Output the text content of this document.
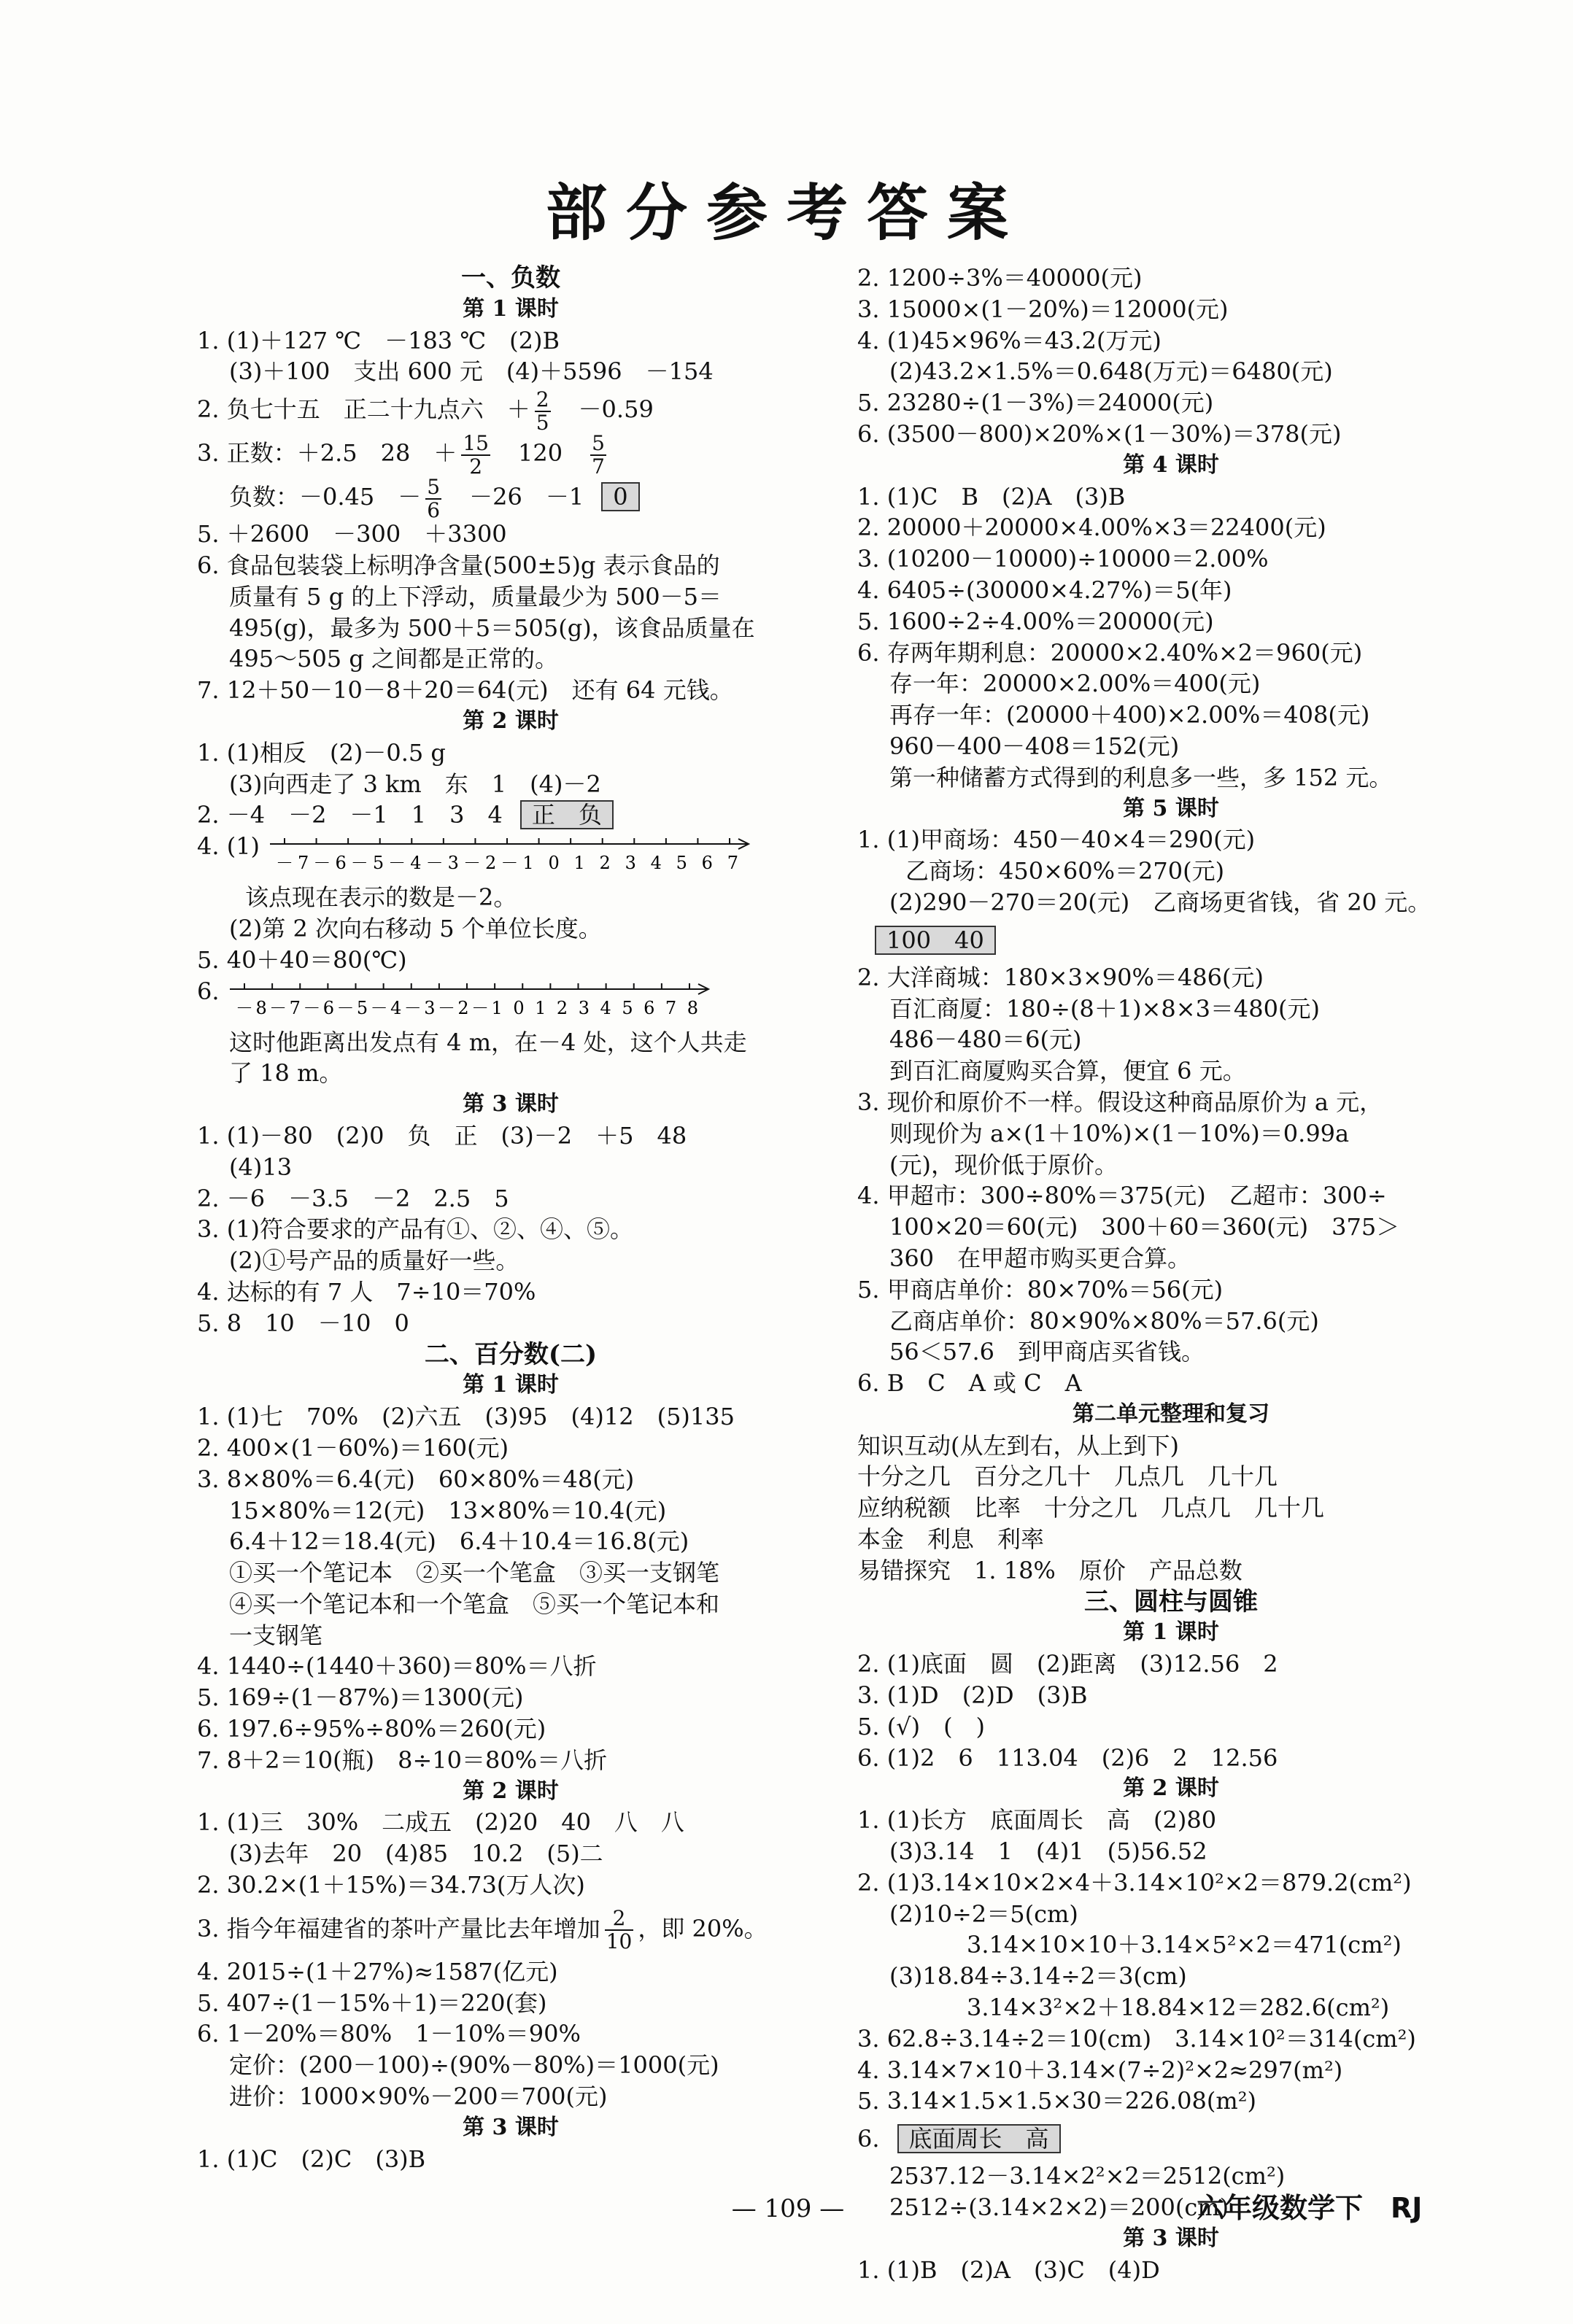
部分参考答案
一、负数
第 1 课时
1. (1)＋127 ℃　－183 ℃　(2)B
(3)＋100　支出 600 元　(4)＋5596　－154
2. 负七十五　正二十九点六　＋ $\frac{2}{5}$ 　－0.59
3. 正数：＋2.5　28　＋ $\frac{15}{2}$ 　120　 $\frac{5}{7}$
负数：－0.45　－ $\frac{5}{6}$ 　－26　－1 0
5. ＋2600　－300　＋3300
6. 食品包装袋上标明净含量(500±5)g 表示食品的
质量有 5 g 的上下浮动，质量最少为 500－5＝
495(g)，最多为 500＋5＝505(g)，该食品质量在
495～505 g 之间都是正常的。
7. 12＋50－10－8＋20＝64(元)　还有 64 元钱。
第 2 课时
1. (1)相反　(2)－0.5 g
(3)向西走了 3 km　东　1　(4)－2
2. －4　－2　－1　1　3　4 正　负
4. (1)
－7－6－5－4－3－2－1 0 1 2 3 4 5 6 7
该点现在表示的数是－2。
(2)第 2 次向右移动 5 个单位长度。
5. 40＋40＝80(℃)
6.
－8－7－6－5－4－3－2－1 0 1 2 3 4 5 6 7 8
这时他距离出发点有 4 m，在－4 处，这个人共走
了 18 m。
第 3 课时
1. (1)－80　(2)0　负　正　(3)－2　＋5　48
(4)13
2. －6　－3.5　－2　2.5　5
3. (1)符合要求的产品有①、②、④、⑤。
(2)①号产品的质量好一些。
4. 达标的有 7 人　7÷10＝70%
5. 8　10　－10　0
二、百分数(二)
第 1 课时
1. (1)七　70%　(2)六五　(3)95　(4)12　(5)135
2. 400×(1－60%)＝160(元)
3. 8×80%＝6.4(元)　60×80%＝48(元)
15×80%＝12(元)　13×80%＝10.4(元)
6.4＋12＝18.4(元)　6.4＋10.4＝16.8(元)
①买一个笔记本　②买一个笔盒　③买一支钢笔
④买一个笔记本和一个笔盒　⑤买一个笔记本和
一支钢笔
4. 1440÷(1440＋360)＝80%＝八折
5. 169÷(1－87%)＝1300(元)
6. 197.6÷95%÷80%＝260(元)
7. 8＋2＝10(瓶)　8÷10＝80%＝八折
第 2 课时
1. (1)三　30%　二成五　(2)20　40　八　八
(3)去年　20　(4)85　10.2　(5)二
2. 30.2×(1＋15%)＝34.73(万人次)
3. 指今年福建省的茶叶产量比去年增加 $\frac{2}{10}$ ，即 20%。
4. 2015÷(1＋27%)≈1587(亿元)
5. 407÷(1－15%＋1)＝220(套)
6. 1－20%＝80%　1－10%＝90%
定价：(200－100)÷(90%－80%)＝1000(元)
进价：1000×90%－200＝700(元)
第 3 课时
1. (1)C　(2)C　(3)B
2. 1200÷3%＝40000(元)
3. 15000×(1－20%)＝12000(元)
4. (1)45×96%＝43.2(万元)
(2)43.2×1.5%＝0.648(万元)＝6480(元)
5. 23280÷(1－3%)＝24000(元)
6. (3500－800)×20%×(1－30%)＝378(元)
第 4 课时
1. (1)C　B　(2)A　(3)B
2. 20000＋20000×4.00%×3＝22400(元)
3. (10200－10000)÷10000＝2.00%
4. 6405÷(30000×4.27%)＝5(年)
5. 1600÷2÷4.00%＝20000(元)
6. 存两年期利息：20000×2.40%×2＝960(元)
存一年：20000×2.00%＝400(元)
再存一年：(20000＋400)×2.00%＝408(元)
960－400－408＝152(元)
第一种储蓄方式得到的利息多一些，多 152 元。
第 5 课时
1. (1)甲商场：450－40×4＝290(元)
乙商场：450×60%＝270(元)
(2)290－270＝20(元)　乙商场更省钱，省 20 元。
100　40
2. 大洋商城：180×3×90%＝486(元)
百汇商厦：180÷(8＋1)×8×3＝480(元)
486－480＝6(元)
到百汇商厦购买合算，便宜 6 元。
3. 现价和原价不一样。假设这种商品原价为 a 元，
则现价为 a×(1＋10%)×(1－10%)＝0.99a
(元)，现价低于原价。
4. 甲超市：300÷80%＝375(元)　乙超市：300÷
100×20＝60(元)　300＋60＝360(元)　375＞
360　在甲超市购买更合算。
5. 甲商店单价：80×70%＝56(元)
乙商店单价：80×90%×80%＝57.6(元)
56＜57.6　到甲商店买省钱。
6. B　C　A 或 C　A
第二单元整理和复习
知识互动(从左到右，从上到下)
十分之几　百分之几十　几点几　几十几
应纳税额　比率　十分之几　几点几　几十几
本金　利息　利率
易错探究　1. 18%　原价　产品总数
三、圆柱与圆锥
第 1 课时
2. (1)底面　圆　(2)距离　(3)12.56　2
3. (1)D　(2)D　(3)B
5. (√)　(　)
6. (1)2　6　113.04　(2)6　2　12.56
第 2 课时
1. (1)长方　底面周长　高　(2)80
(3)3.14　1　(4)1　(5)56.52
2. (1)3.14×10×2×4＋3.14×10²×2＝879.2(cm²)
(2)10÷2＝5(cm)
3.14×10×10＋3.14×5²×2＝471(cm²)
(3)18.84÷3.14÷2＝3(cm)
3.14×3²×2＋18.84×12＝282.6(cm²)
3. 62.8÷3.14÷2＝10(cm)　3.14×10²＝314(cm²)
4. 3.14×7×10＋3.14×(7÷2)²×2≈297(m²)
5. 3.14×1.5×1.5×30＝226.08(m²)
6. 底面周长　高
2537.12－3.14×2²×2＝2512(cm²)
2512÷(3.14×2×2)＝200(cm)
第 3 课时
1. (1)B　(2)A　(3)C　(4)D
— 109 —	六年级数学下　RJ
